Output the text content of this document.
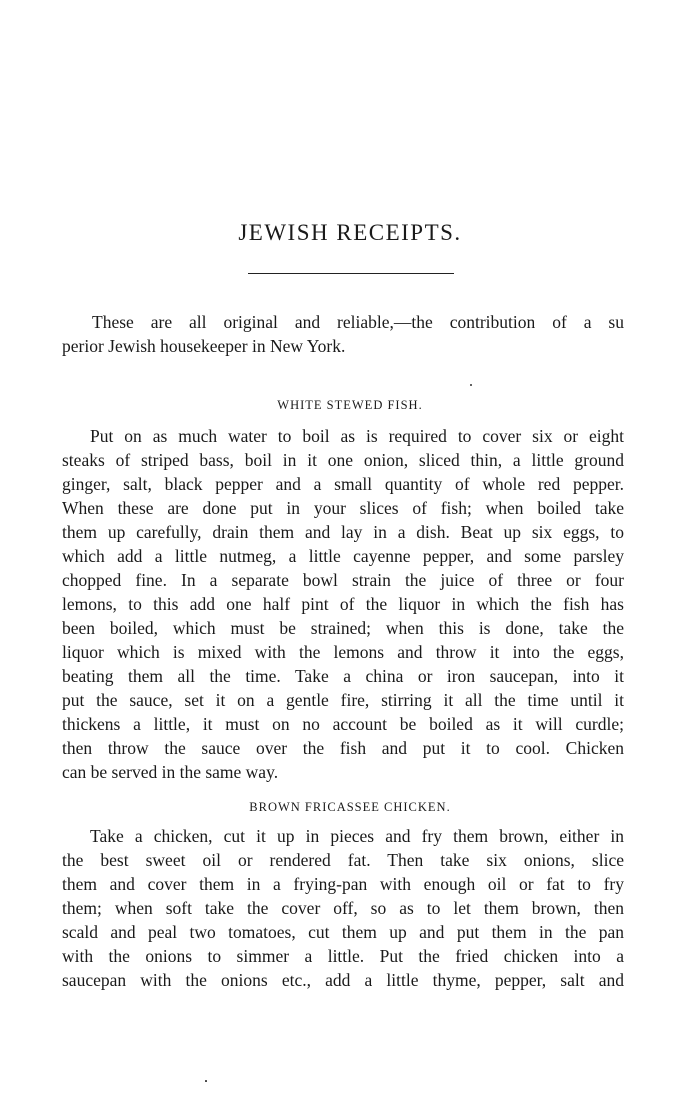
JEWISH RECEIPTS.
These are all original and reliable,—the contribution of a su
perior Jewish housekeeper in New York.
WHITE STEWED FISH.
Put on as much water to boil as is required to cover six or eight
steaks of striped bass, boil in it one onion, sliced thin, a little ground
ginger, salt, black pepper and a small quantity of whole red pepper.
When these are done put in your slices of fish; when boiled take
them up carefully, drain them and lay in a dish. Beat up six eggs, to
which add a little nutmeg, a little cayenne pepper, and some parsley
chopped fine. In a separate bowl strain the juice of three or four
lemons, to this add one half pint of the liquor in which the fish has
been boiled, which must be strained; when this is done, take the
liquor which is mixed with the lemons and throw it into the eggs,
beating them all the time. Take a china or iron saucepan, into it
put the sauce, set it on a gentle fire, stirring it all the time until it
thickens a little, it must on no account be boiled as it will curdle;
then throw the sauce over the fish and put it to cool. Chicken
can be served in the same way.
BROWN FRICASSEE CHICKEN.
Take a chicken, cut it up in pieces and fry them brown, either in
the best sweet oil or rendered fat. Then take six onions, slice
them and cover them in a frying-pan with enough oil or fat to fry
them; when soft take the cover off, so as to let them brown, then
scald and peal two tomatoes, cut them up and put them in the pan
with the onions to simmer a little. Put the fried chicken into a
saucepan with the onions etc., add a little thyme, pepper, salt and
